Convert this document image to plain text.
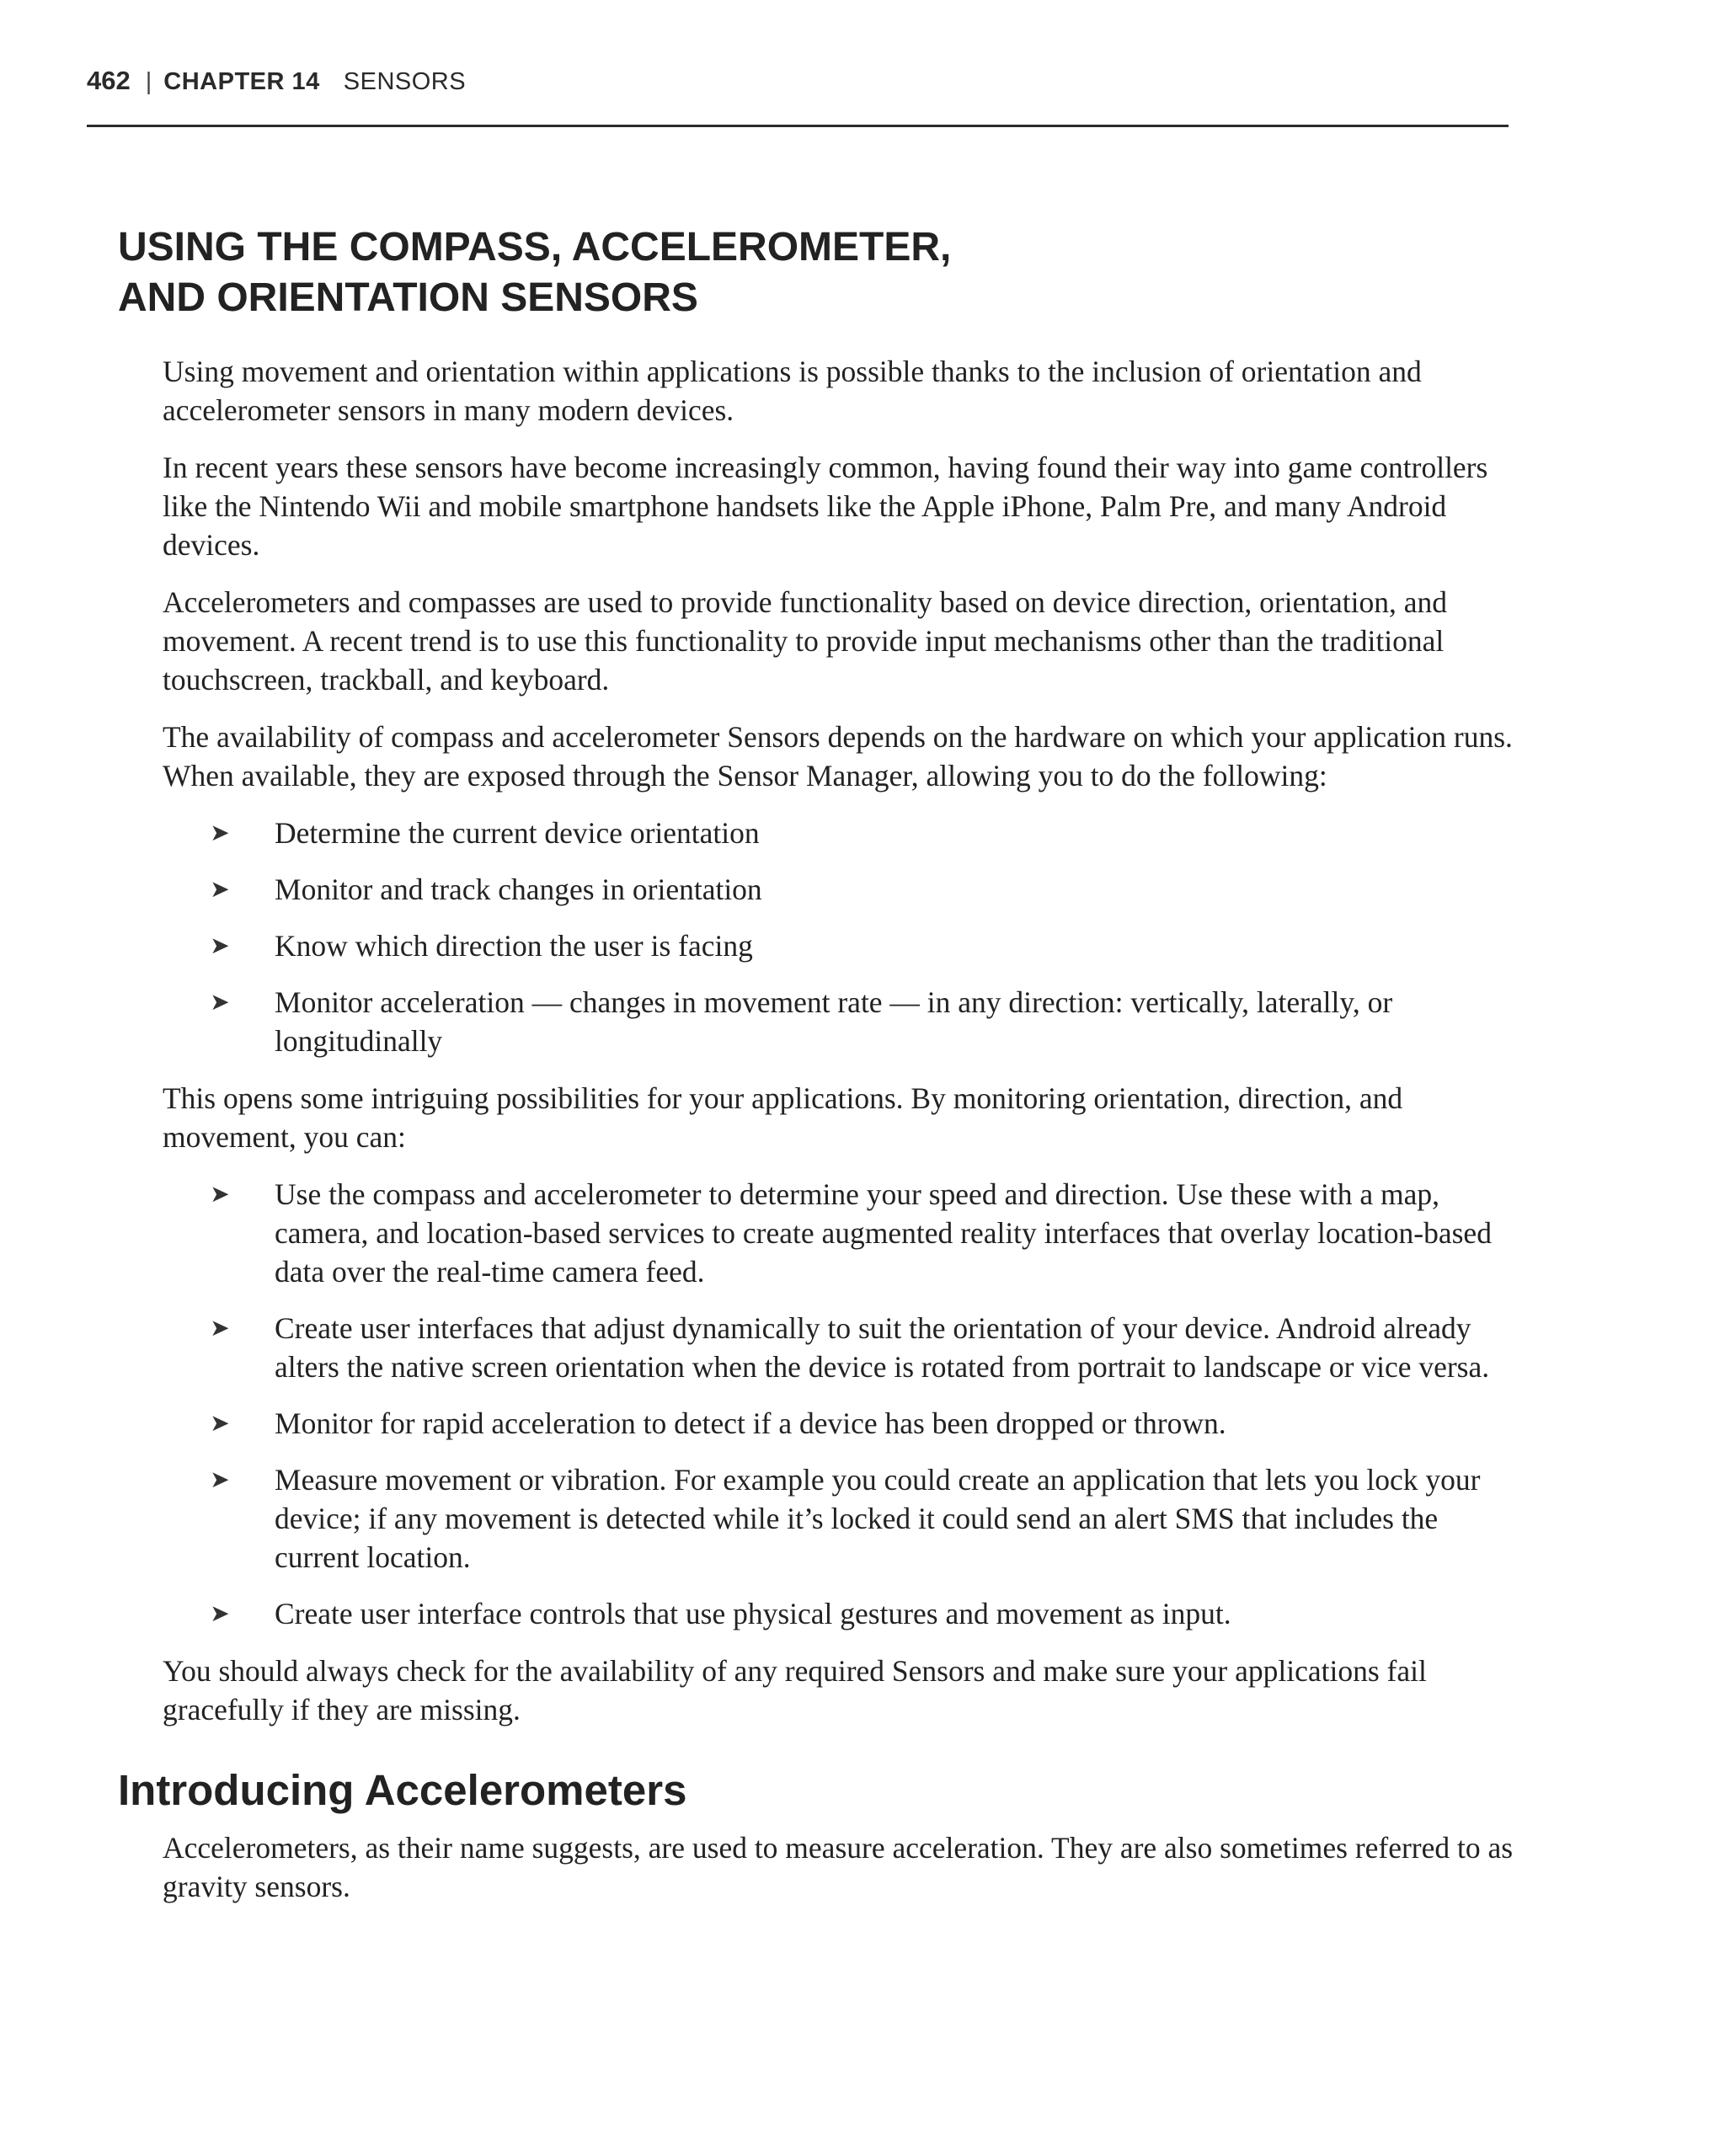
462 | CHAPTER 14 SENSORS
USING THE COMPASS, ACCELEROMETER,
AND ORIENTATION SENSORS

Using movement and orientation within applications is possible thanks to the inclusion of orientation and accelerometer sensors in many modern devices.

In recent years these sensors have become increasingly common, having found their way into game controllers like the Nintendo Wii and mobile smartphone handsets like the Apple iPhone, Palm Pre, and many Android devices.

Accelerometers and compasses are used to provide functionality based on device direction, orientation, and movement. A recent trend is to use this functionality to provide input mechanisms other than the traditional touchscreen, trackball, and keyboard.

The availability of compass and accelerometer Sensors depends on the hardware on which your application runs. When available, they are exposed through the Sensor Manager, allowing you to do the following:

➤ Determine the current device orientation
➤ Monitor and track changes in orientation
➤ Know which direction the user is facing
➤ Monitor acceleration — changes in movement rate — in any direction: vertically, laterally, or longitudinally

This opens some intriguing possibilities for your applications. By monitoring orientation, direction, and movement, you can:

➤ Use the compass and accelerometer to determine your speed and direction. Use these with a map, camera, and location-based services to create augmented reality interfaces that overlay location-based data over the real-time camera feed.
➤ Create user interfaces that adjust dynamically to suit the orientation of your device. Android already alters the native screen orientation when the device is rotated from portrait to landscape or vice versa.
➤ Monitor for rapid acceleration to detect if a device has been dropped or thrown.
➤ Measure movement or vibration. For example you could create an application that lets you lock your device; if any movement is detected while it’s locked it could send an alert SMS that includes the current location.
➤ Create user interface controls that use physical gestures and movement as input.

You should always check for the availability of any required Sensors and make sure your applications fail gracefully if they are missing.

Introducing Accelerometers

Accelerometers, as their name suggests, are used to measure acceleration. They are also sometimes referred to as gravity sensors.
